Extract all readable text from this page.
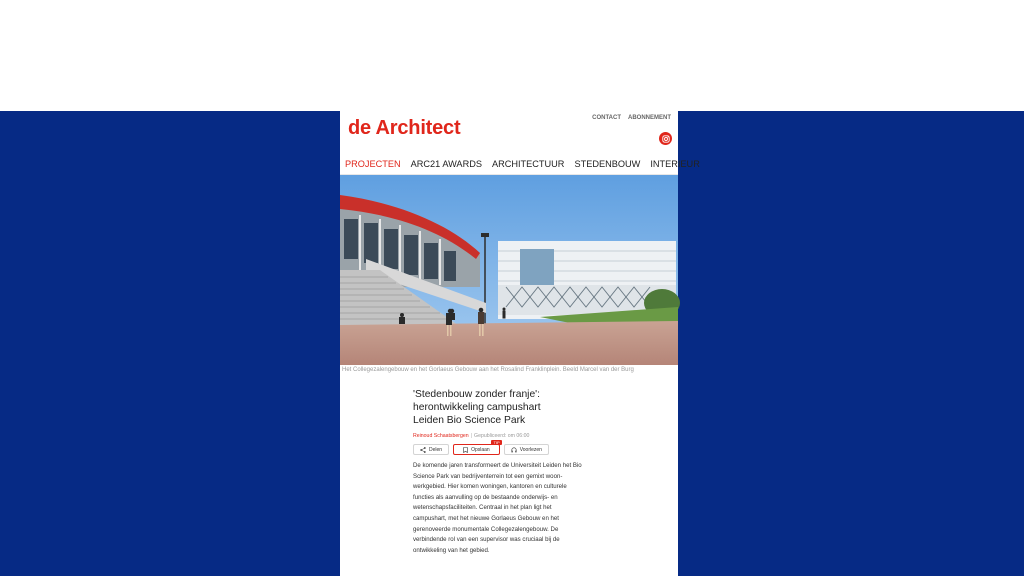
de Architect	CONTACT ABONNEMENT
PROJECTEN ARC21 AWARDS ARCHITECTUUR STEDENBOUW INTERIEUR
Het Collegezalengebouw en het Gorlaeus Gebouw aan het Rosalind Franklinplein. Beeld Marcel van der Burg
'Stedenbouw zonder franje':
herontwikkeling campushart
Leiden Bio Science Park
Reinoud Schaatsbergen | Gepubliceerd: om 06:00
Delen	Opslaan
TIP
Voorlezen
De komende jaren transformeert de Universiteit Leiden het Bio
Science Park van bedrijventerrein tot een gemixt woon-
werkgebied. Hier komen woningen, kantoren en culturele
functies als aanvulling op de bestaande onderwijs- en
wetenschapsfaciliteiten. Centraal in het plan ligt het
campushart, met het nieuwe Gorlaeus Gebouw en het
gerenoveerde monumentale Collegezalengebouw. De
verbindende rol van een supervisor was cruciaal bij de
ontwikkeling van het gebied.
